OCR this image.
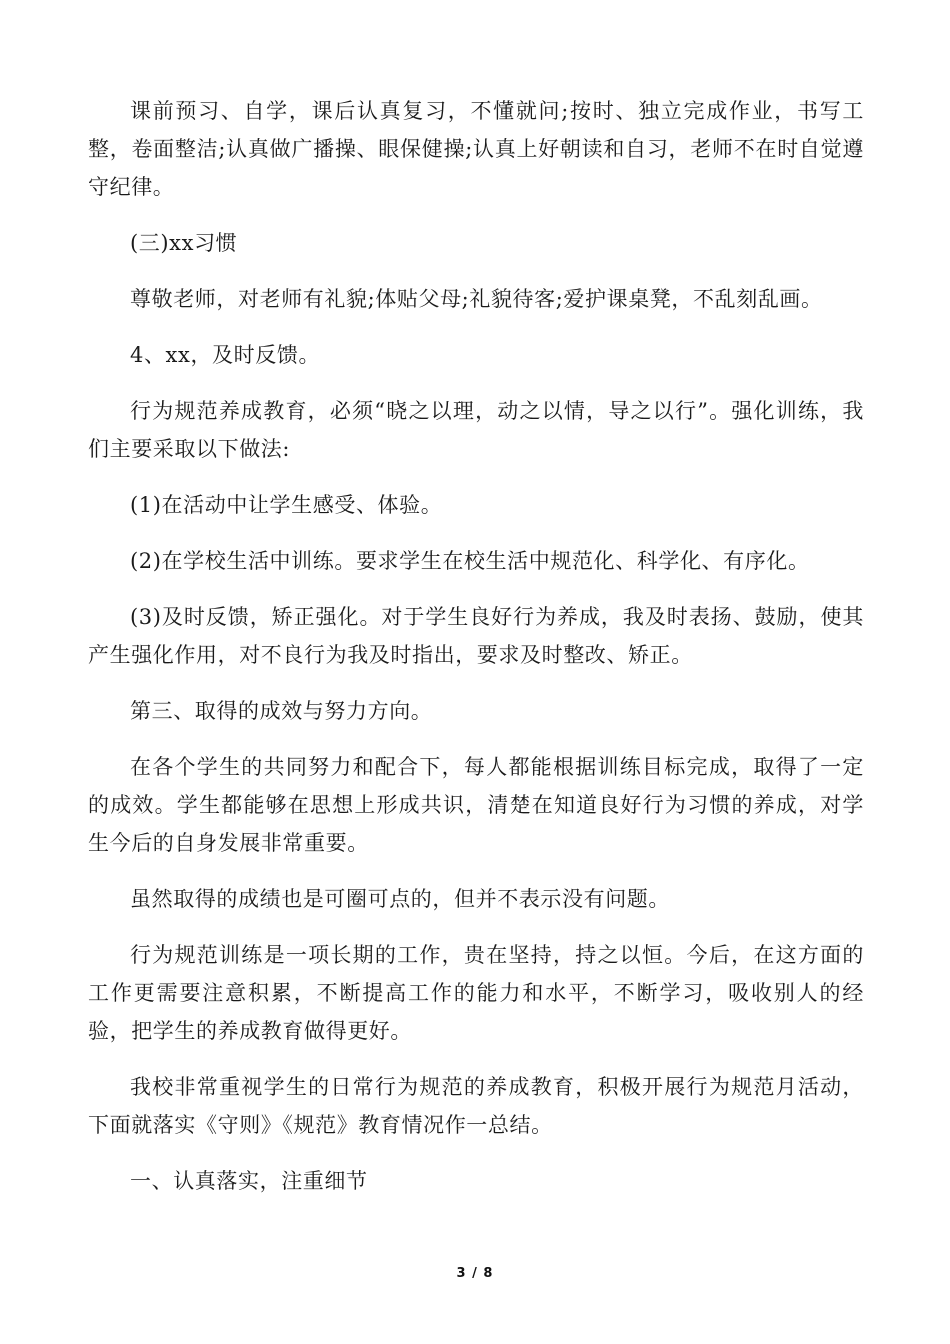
课前预习、自学，课后认真复习，不懂就问;按时、独立完成作业，书写工整，卷面整洁;认真做广播操、眼保健操;认真上好朝读和自习，老师不在时自觉遵守纪律。

(三)xx习惯

尊敬老师，对老师有礼貌;体贴父母;礼貌待客;爱护课桌凳，不乱刻乱画。

4、xx，及时反馈。

行为规范养成教育，必须“晓之以理，动之以情，导之以行”。强化训练，我们主要采取以下做法:

(1)在活动中让学生感受、体验。

(2)在学校生活中训练。要求学生在校生活中规范化、科学化、有序化。

(3)及时反馈，矫正强化。对于学生良好行为养成，我及时表扬、鼓励，使其产生强化作用，对不良行为我及时指出，要求及时整改、矫正。

第三、取得的成效与努力方向。

在各个学生的共同努力和配合下，每人都能根据训练目标完成，取得了一定的成效。学生都能够在思想上形成共识，清楚在知道良好行为习惯的养成，对学生今后的自身发展非常重要。

虽然取得的成绩也是可圈可点的，但并不表示没有问题。

行为规范训练是一项长期的工作，贵在坚持，持之以恒。今后，在这方面的工作更需要注意积累，不断提高工作的能力和水平，不断学习，吸收别人的经验，把学生的养成教育做得更好。

我校非常重视学生的日常行为规范的养成教育，积极开展行为规范月活动，下面就落实《守则》《规范》教育情况作一总结。

一、认真落实，注重细节

3 / 8
